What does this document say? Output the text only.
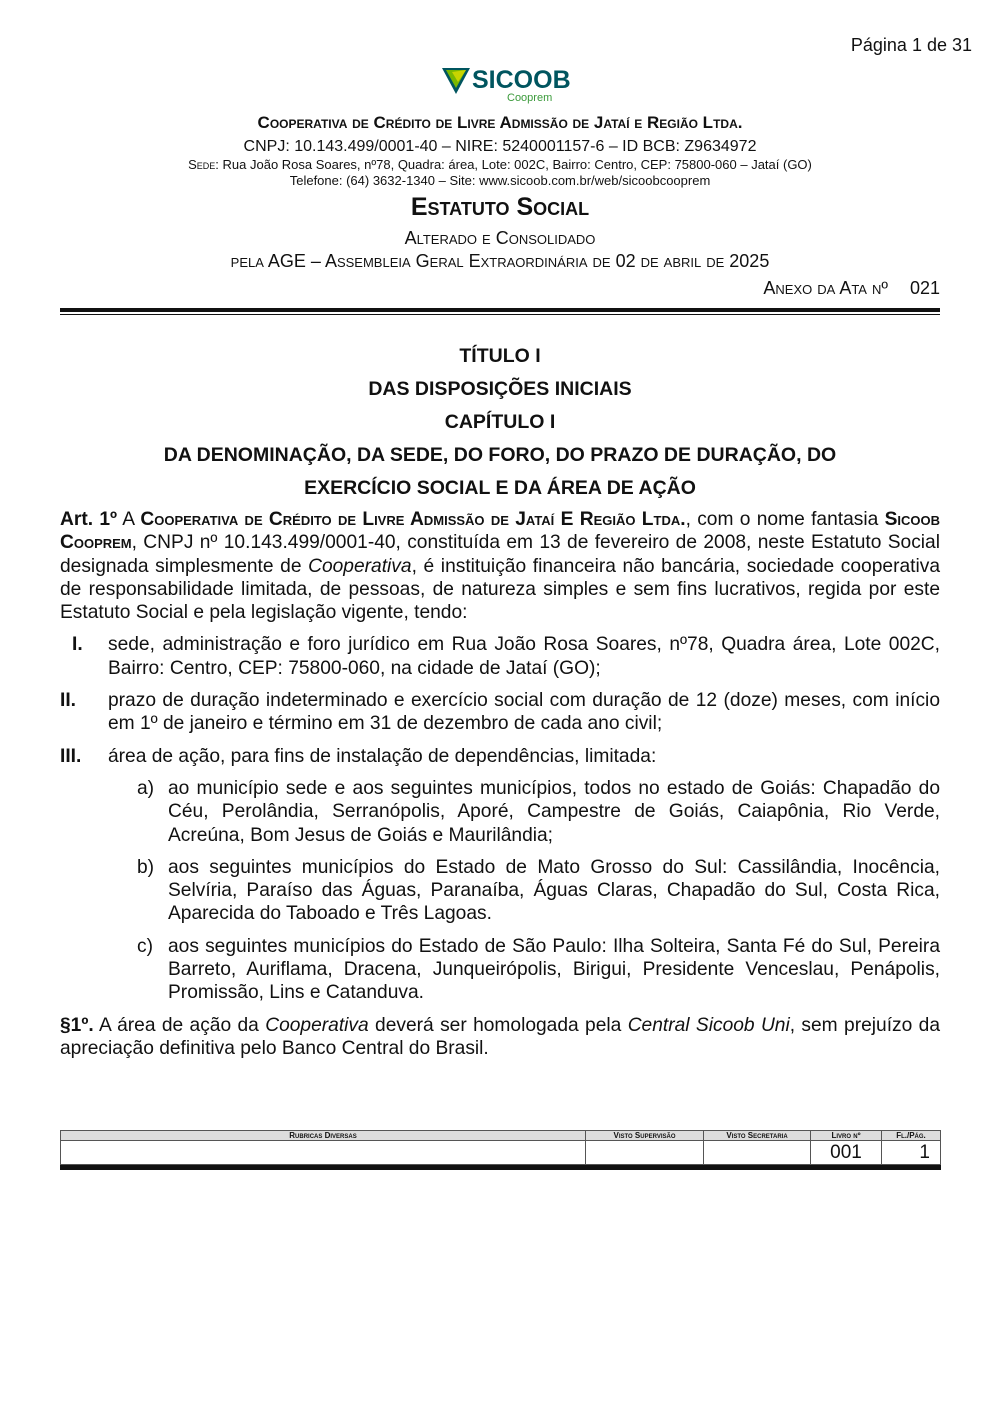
Página 1 de 31
SICOOB
Cooprem
Cooperativa de Crédito de Livre Admissão de Jataí e Região Ltda.
CNPJ: 10.143.499/0001-40 – NIRE: 5240001157-6 – ID BCB: Z9634972
Sede: Rua João Rosa Soares, nº78, Quadra: área, Lote: 002C, Bairro: Centro, CEP: 75800-060 – Jataí (GO)
Telefone: (64) 3632-1340 – Site: www.sicoob.com.br/web/sicoobcooprem
Estatuto Social
Alterado e Consolidado
pela AGE – Assembleia Geral Extraordinária de 02 de abril de 2025
Anexo da Ata nº 021
TÍTULO I
DAS DISPOSIÇÕES INICIAIS
CAPÍTULO I
DA DENOMINAÇÃO, DA SEDE, DO FORO, DO PRAZO DE DURAÇÃO, DO
EXERCÍCIO SOCIAL E DA ÁREA DE AÇÃO

Art. 1º A Cooperativa de Crédito de Livre Admissão de Jataí E Região Ltda., com o nome fantasia Sicoob Cooprem, CNPJ nº 10.143.499/0001-40, constituída em 13 de fevereiro de 2008, neste Estatuto Social designada simplesmente de Cooperativa, é instituição financeira não bancária, sociedade cooperativa de responsabilidade limitada, de pessoas, de natureza simples e sem fins lucrativos, regida por este Estatuto Social e pela legislação vigente, tendo:

I.	sede, administração e foro jurídico em Rua João Rosa Soares, nº78, Quadra área, Lote 002C, Bairro: Centro, CEP: 75800-060, na cidade de Jataí (GO);
II.	prazo de duração indeterminado e exercício social com duração de 12 (doze) meses, com início em 1º de janeiro e término em 31 de dezembro de cada ano civil;
III.	área de ação, para fins de instalação de dependências, limitada:
a) ao município sede e aos seguintes municípios, todos no estado de Goiás: Chapadão do Céu, Perolândia, Serranópolis, Aporé, Campestre de Goiás, Caiapônia, Rio Verde, Acreúna, Bom Jesus de Goiás e Maurilândia;
b) aos seguintes municípios do Estado de Mato Grosso do Sul: Cassilândia, Inocência, Selvíria, Paraíso das Águas, Paranaíba, Águas Claras, Chapadão do Sul, Costa Rica, Aparecida do Taboado e Três Lagoas.
c) aos seguintes municípios do Estado de São Paulo: Ilha Solteira, Santa Fé do Sul, Pereira Barreto, Auriflama, Dracena, Junqueirópolis, Birigui, Presidente Venceslau, Penápolis, Promissão, Lins e Catanduva.

§1º. A área de ação da Cooperativa deverá ser homologada pela Central Sicoob Uni, sem prejuízo da apreciação definitiva pelo Banco Central do Brasil.

Rubricas Diversas	Visto Supervisão	Visto Secretaria	Livro nº	Fl./Pág.
			001	1
